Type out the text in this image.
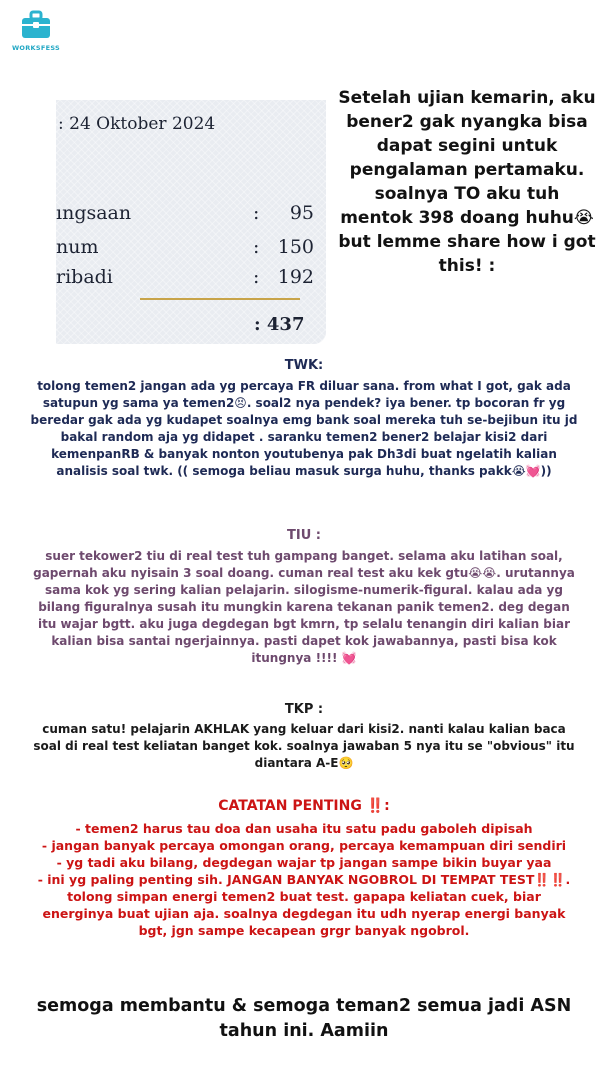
WORKSFESS
: 24 Oktober 2024
ıngsaan	:	95
num	: 150
ribadi	: 192
: 437
Setelah ujian kemarin, aku bener2 gak nyangka bisa dapat segini untuk pengalaman pertamaku. soalnya TO aku tuh mentok 398 doang huhu😭 but lemme share how i got this! :
TWK:
tolong temen2 jangan ada yg percaya FR diluar sana. from what I got, gak ada satupun yg sama ya temen2😣. soal2 nya pendek? iya bener. tp bocoran fr yg beredar gak ada yg kudapet soalnya emg bank soal mereka tuh se-bejibun itu jd bakal random aja yg didapet . saranku temen2 bener2 belajar kisi2 dari kemenpanRB & banyak nonton youtubenya pak Dh3di buat ngelatih kalian analisis soal twk. (( semoga beliau masuk surga huhu, thanks pakk😭💓))
TIU :
suer tekower2 tiu di real test tuh gampang banget. selama aku latihan soal, gapernah aku nyisain 3 soal doang. cuman real test aku kek gtu😭😭. urutannya sama kok yg sering kalian pelajarin. silogisme-numerik-figural. kalau ada yg bilang figuralnya susah itu mungkin karena tekanan panik temen2. deg degan itu wajar bgtt. aku juga degdegan bgt kmrn, tp selalu tenangin diri kalian biar kalian bisa santai ngerjainnya. pasti dapet kok jawabannya, pasti bisa kok itungnya !!!! 💓
TKP :
cuman satu! pelajarin AKHLAK yang keluar dari kisi2. nanti kalau kalian baca soal di real test keliatan banget kok. soalnya jawaban 5 nya itu se "obvious" itu diantara A-E🥺
CATATAN PENTING ‼️:
- temen2 harus tau doa dan usaha itu satu padu gaboleh dipisah
- jangan banyak percaya omongan orang, percaya kemampuan diri sendiri
- yg tadi aku bilang, degdegan wajar tp jangan sampe bikin buyar yaa
- ini yg paling penting sih. JANGAN BANYAK NGOBROL DI TEMPAT TEST‼️‼️. tolong simpan energi temen2 buat test. gapapa keliatan cuek, biar energinya buat ujian aja. soalnya degdegan itu udh nyerap energi banyak bgt, jgn sampe kecapean grgr banyak ngobrol.
semoga membantu & semoga teman2 semua jadi ASN tahun ini. Aamiin
